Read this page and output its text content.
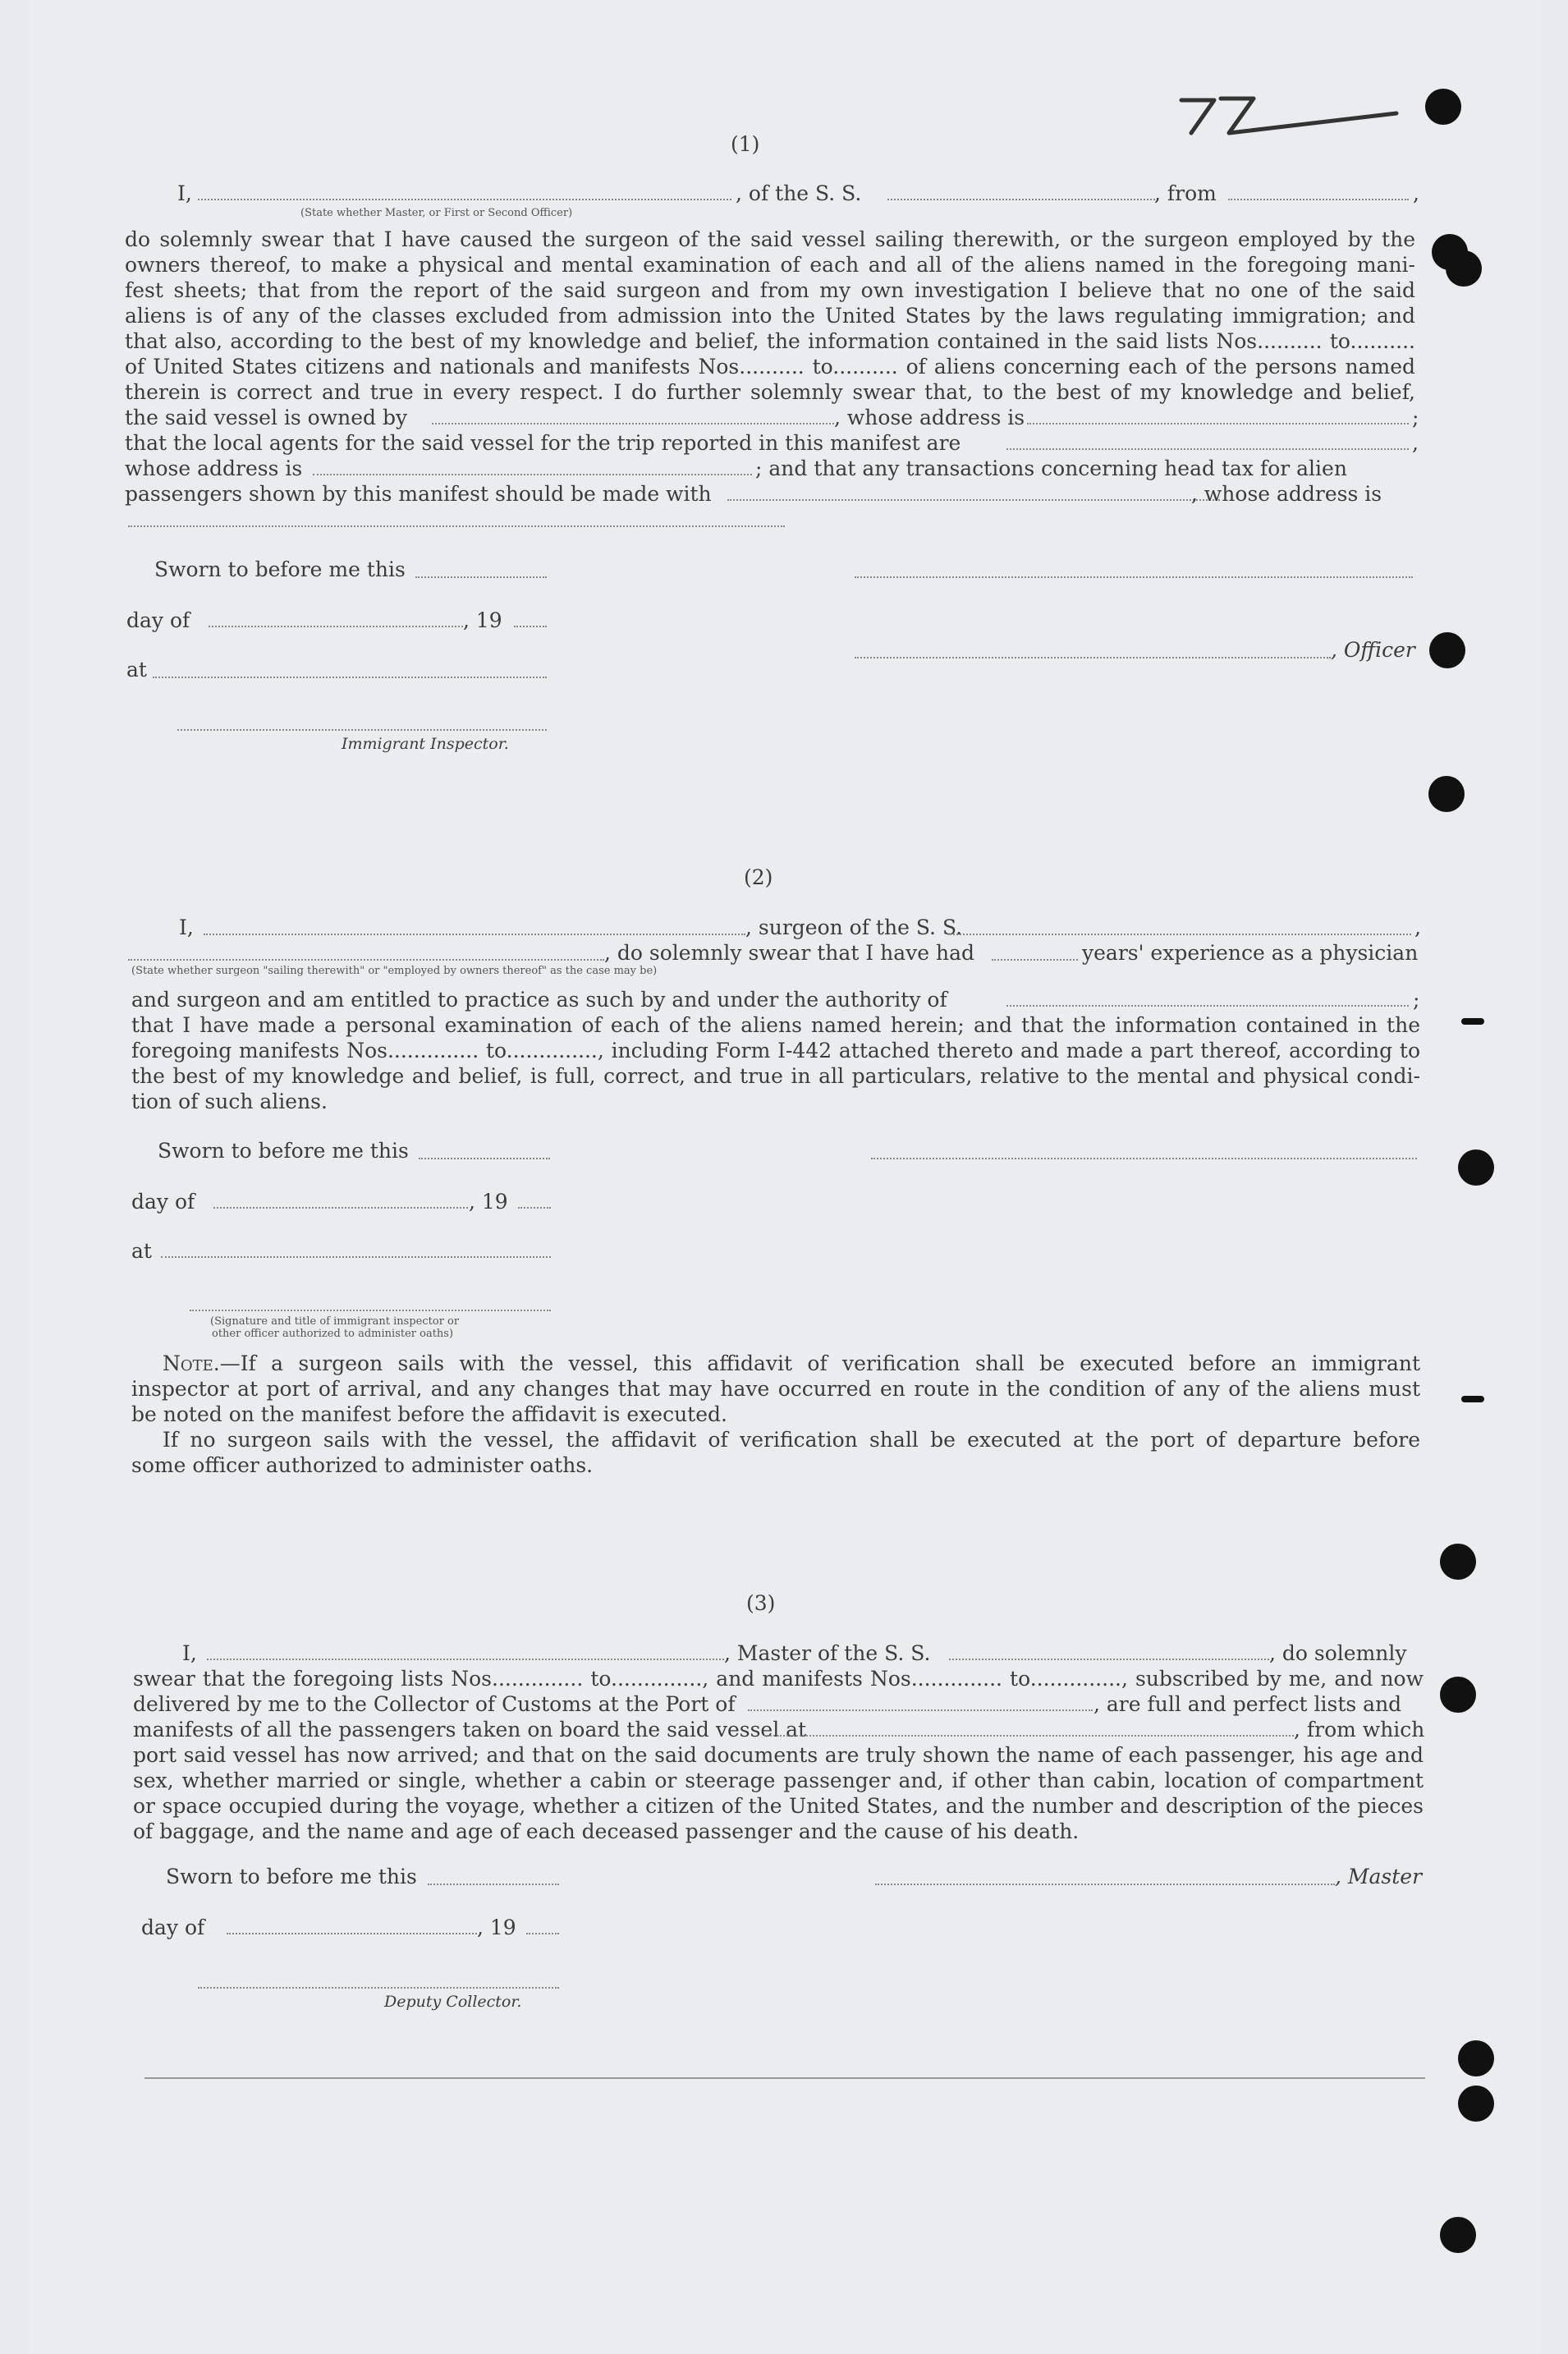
(1)
I,	, of the S. S.	, from	,
(State whether Master, or First or Second Officer)

do solemnly swear that I have caused the surgeon of the said vessel sailing therewith, or the surgeon employed by the

owners thereof, to make a physical and mental examination of each and all of the aliens named in the foregoing mani-

fest sheets; that from the report of the said surgeon and from my own investigation I believe that no one of the said

aliens is of any of the classes excluded from admission into the United States by the laws regulating immigration; and

that also, according to the best of my knowledge and belief, the information contained in the said lists Nos.......... to..........

of United States citizens and nationals and manifests Nos.......... to.......... of aliens concerning each of the persons named

therein is correct and true in every respect. I do further solemnly swear that, to the best of my knowledge and belief,

the said vessel is owned by	, whose address is	;
that the local agents for the said vessel for the trip reported in this manifest are	,
whose address is	; and that any transactions concerning head tax for alien
passengers shown by this manifest should be made with	, whose address is
Sworn to before me this
day of	, 19
, Officer
at
Immigrant Inspector.
(2)
I,	, surgeon of the S. S.	,
, do solemnly swear that I have had	years' experience as a physician
(State whether surgeon "sailing therewith" or "employed by owners thereof" as the case may be)
and surgeon and am entitled to practice as such by and under the authority of	;

that I have made a personal examination of each of the aliens named herein; and that the information contained in the

foregoing manifests Nos.............. to.............., including Form I-442 attached thereto and made a part thereof, according to

the best of my knowledge and belief, is full, correct, and true in all particulars, relative to the mental and physical condi-

tion of such aliens.

Sworn to before me this
day of	, 19
at
(Signature and title of immigrant inspector or
other officer authorized to administer oaths)

Note.—If a surgeon sails with the vessel, this affidavit of verification shall be executed before an immigrant

inspector at port of arrival, and any changes that may have occurred en route in the condition of any of the aliens must

be noted on the manifest before the affidavit is executed.

If no surgeon sails with the vessel, the affidavit of verification shall be executed at the port of departure before

some officer authorized to administer oaths.

(3)
I,	, Master of the S. S.	, do solemnly

swear that the foregoing lists Nos.............. to.............., and manifests Nos.............. to.............., subscribed by me, and now

delivered by me to the Collector of Customs at the Port of	, are full and perfect lists and
manifests of all the passengers taken on board the said vessel at	, from which

port said vessel has now arrived; and that on the said documents are truly shown the name of each passenger, his age and

sex, whether married or single, whether a cabin or steerage passenger and, if other than cabin, location of compartment

or space occupied during the voyage, whether a citizen of the United States, and the number and description of the pieces

of baggage, and the name and age of each deceased passenger and the cause of his death.

Sworn to before me this	, Master
day of	, 19
Deputy Collector.
